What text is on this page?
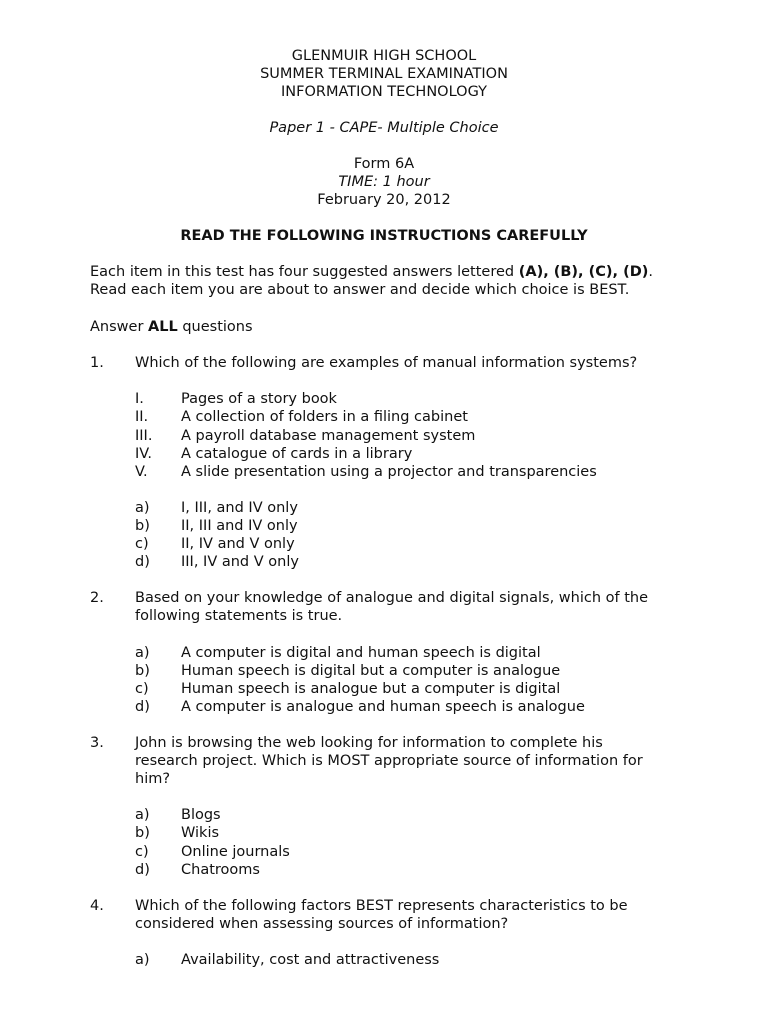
GLENMUIR HIGH SCHOOL
SUMMER TERMINAL EXAMINATION
INFORMATION TECHNOLOGY
Paper 1 - CAPE- Multiple Choice
Form 6A
TIME: 1 hour
February 20, 2012
READ THE FOLLOWING INSTRUCTIONS CAREFULLY
Each item in this test has four suggested answers lettered (A), (B), (C), (D).
Read each item you are about to answer and decide which choice is BEST.
Answer ALL questions
1. Which of the following are examples of manual information systems?
I.	Pages of a story book
II. A collection of folders in a filing cabinet
III. A payroll database management system
IV. A catalogue of cards in a library
V. A slide presentation using a projector and transparencies
a) I, III, and IV only
b) II, III and IV only
c) II, IV and V only
d) III, IV and V only
2. Based on your knowledge of analogue and digital signals, which of the
following statements is true.
a) A computer is digital and human speech is digital
b) Human speech is digital but a computer is analogue
c) Human speech is analogue but a computer is digital
d) A computer is analogue and human speech is analogue
3. John is browsing the web looking for information to complete his
research project. Which is MOST appropriate source of information for
him?
a) Blogs
b) Wikis
c) Online journals
d) Chatrooms
4. Which of the following factors BEST represents characteristics to be
considered when assessing sources of information?
a) Availability, cost and attractiveness
